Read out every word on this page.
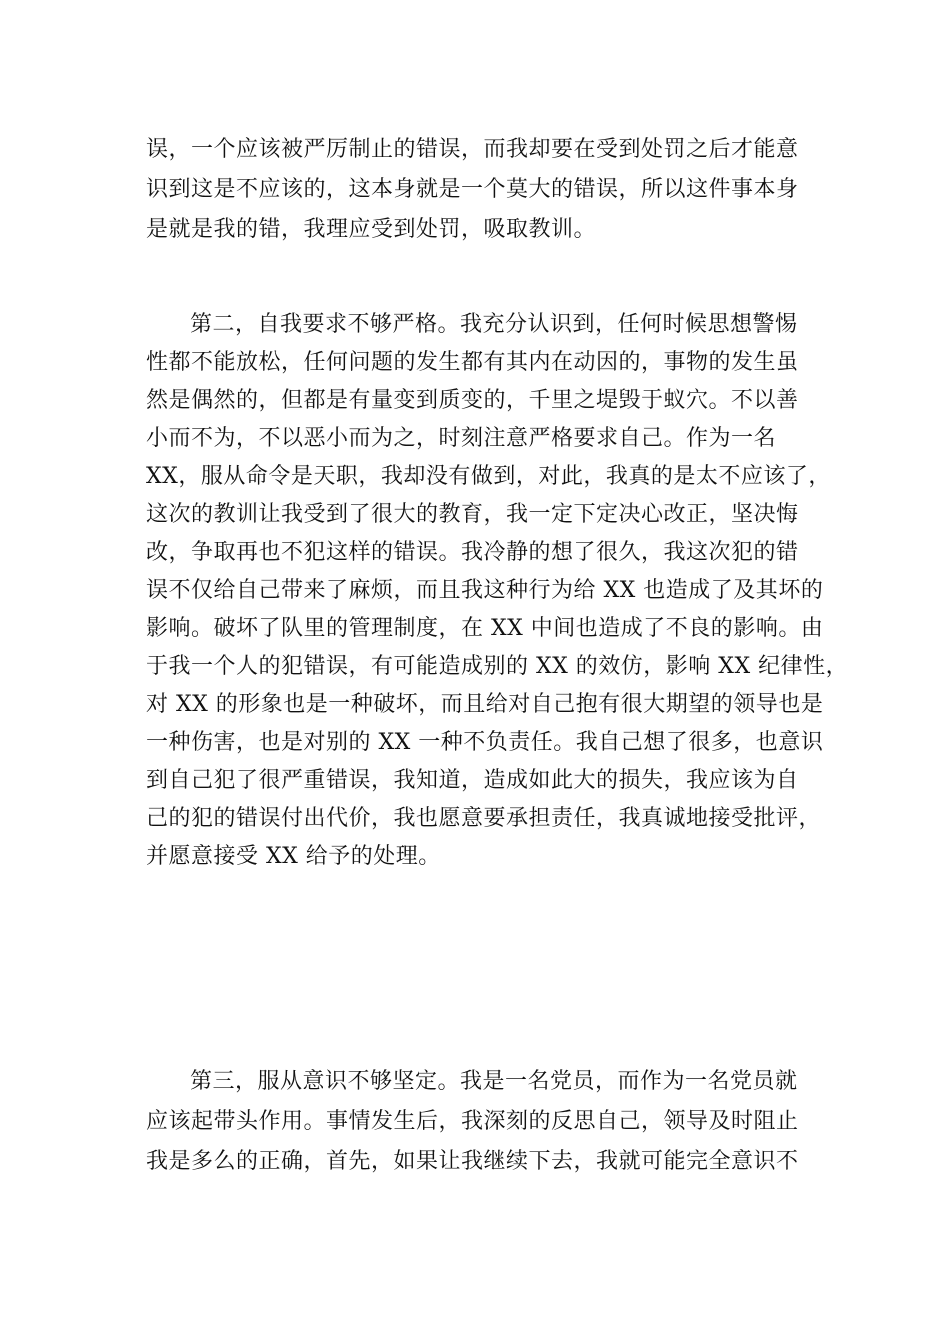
误，一个应该被严厉制止的错误，而我却要在受到处罚之后才能意
识到这是不应该的，这本身就是一个莫大的错误，所以这件事本身
是就是我的错，我理应受到处罚，吸取教训。
第二，自我要求不够严格。我充分认识到，任何时候思想警惕
性都不能放松，任何问题的发生都有其内在动因的，事物的发生虽
然是偶然的，但都是有量变到质变的，千里之堤毁于蚁穴。不以善
小而不为，不以恶小而为之，时刻注意严格要求自己。作为一名
XX，服从命令是天职，我却没有做到，对此，我真的是太不应该了，
这次的教训让我受到了很大的教育，我一定下定决心改正，坚决悔
改，争取再也不犯这样的错误。我冷静的想了很久，我这次犯的错
误不仅给自己带来了麻烦，而且我这种行为给 XX 也造成了及其坏的
影响。破坏了队里的管理制度，在 XX 中间也造成了不良的影响。由
于我一个人的犯错误，有可能造成别的 XX 的效仿，影响 XX 纪律性，
对 XX 的形象也是一种破坏，而且给对自己抱有很大期望的领导也是
一种伤害，也是对别的 XX 一种不负责任。我自己想了很多，也意识
到自己犯了很严重错误，我知道，造成如此大的损失，我应该为自
己的犯的错误付出代价，我也愿意要承担责任，我真诚地接受批评，
并愿意接受 XX 给予的处理。
第三，服从意识不够坚定。我是一名党员，而作为一名党员就
应该起带头作用。事情发生后，我深刻的反思自己，领导及时阻止
我是多么的正确，首先，如果让我继续下去，我就可能完全意识不
